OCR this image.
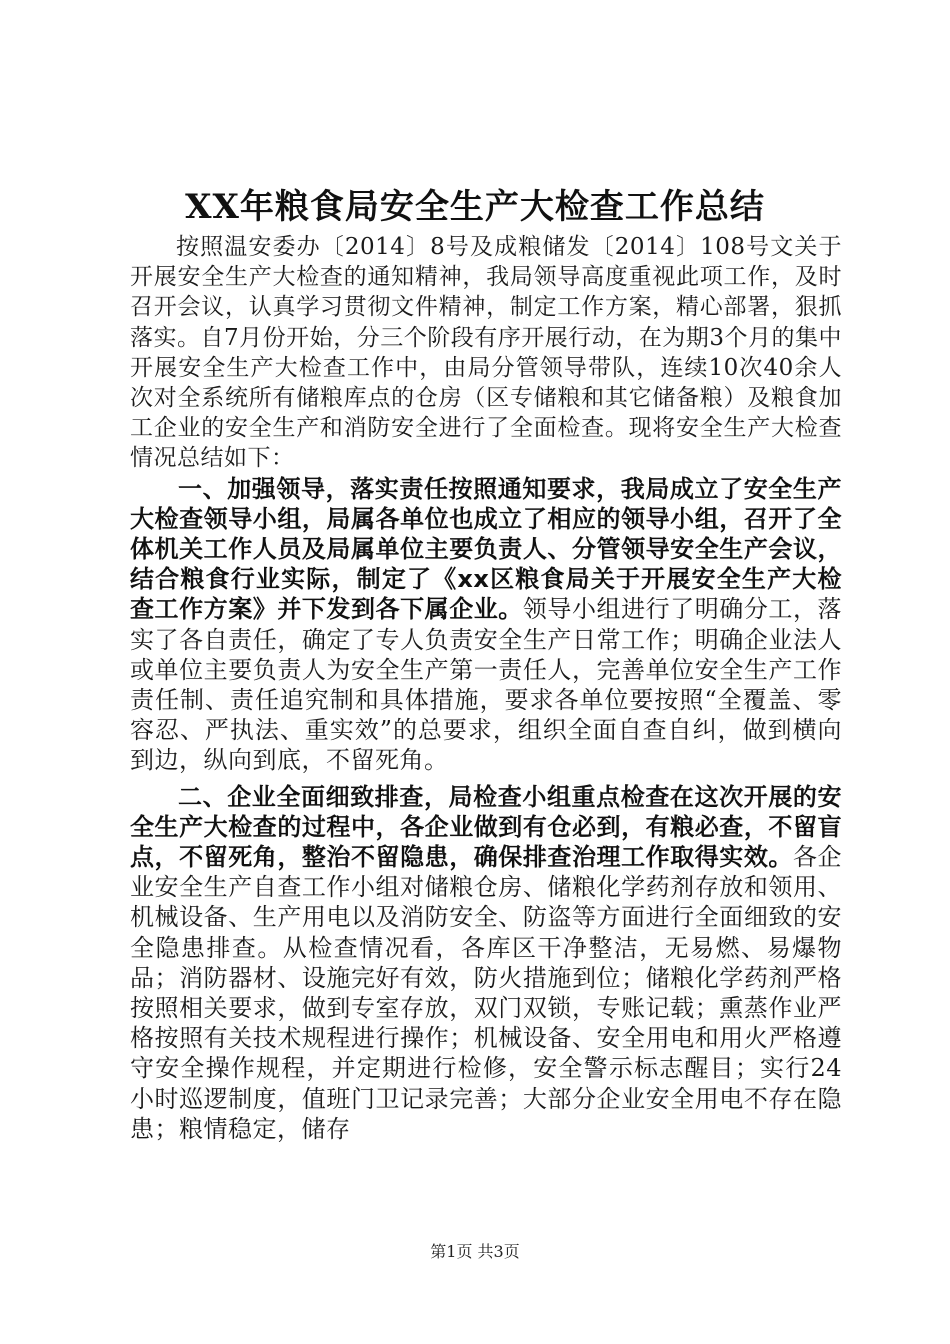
XX年粮食局安全生产大检查工作总结

按照温安委办〔2014〕8号及成粮储发〔2014〕108号文关于开展安全生产大检查的通知精神，我局领导高度重视此项工作，及时召开会议，认真学习贯彻文件精神，制定工作方案，精心部署，狠抓落实。自7月份开始，分三个阶段有序开展行动，在为期3个月的集中开展安全生产大检查工作中，由局分管领导带队，连续10次40余人次对全系统所有储粮库点的仓房（区专储粮和其它储备粮）及粮食加工企业的安全生产和消防安全进行了全面检查。现将安全生产大检查情况总结如下：

一、加强领导，落实责任按照通知要求，我局成立了安全生产大检查领导小组，局属各单位也成立了相应的领导小组，召开了全体机关工作人员及局属单位主要负责人、分管领导安全生产会议，结合粮食行业实际，制定了《xx区粮食局关于开展安全生产大检查工作方案》并下发到各下属企业。领导小组进行了明确分工，落实了各自责任，确定了专人负责安全生产日常工作；明确企业法人或单位主要负责人为安全生产第一责任人，完善单位安全生产工作责任制、责任追究制和具体措施，要求各单位要按照“全覆盖、零容忍、严执法、重实效”的总要求，组织全面自查自纠，做到横向到边，纵向到底，不留死角。

二、企业全面细致排查，局检查小组重点检查在这次开展的安全生产大检查的过程中，各企业做到有仓必到，有粮必查，不留盲点，不留死角，整治不留隐患，确保排查治理工作取得实效。各企业安全生产自查工作小组对储粮仓房、储粮化学药剂存放和领用、机械设备、生产用电以及消防安全、防盗等方面进行全面细致的安全隐患排查。从检查情况看，各库区干净整洁，无易燃、易爆物品；消防器材、设施完好有效，防火措施到位；储粮化学药剂严格按照相关要求，做到专室存放，双门双锁，专账记载；熏蒸作业严格按照有关技术规程进行操作；机械设备、安全用电和用火严格遵守安全操作规程，并定期进行检修，安全警示标志醒目；实行24小时巡逻制度，值班门卫记录完善；大部分企业安全用电不存在隐患；粮情稳定，储存

第1页 共3页
